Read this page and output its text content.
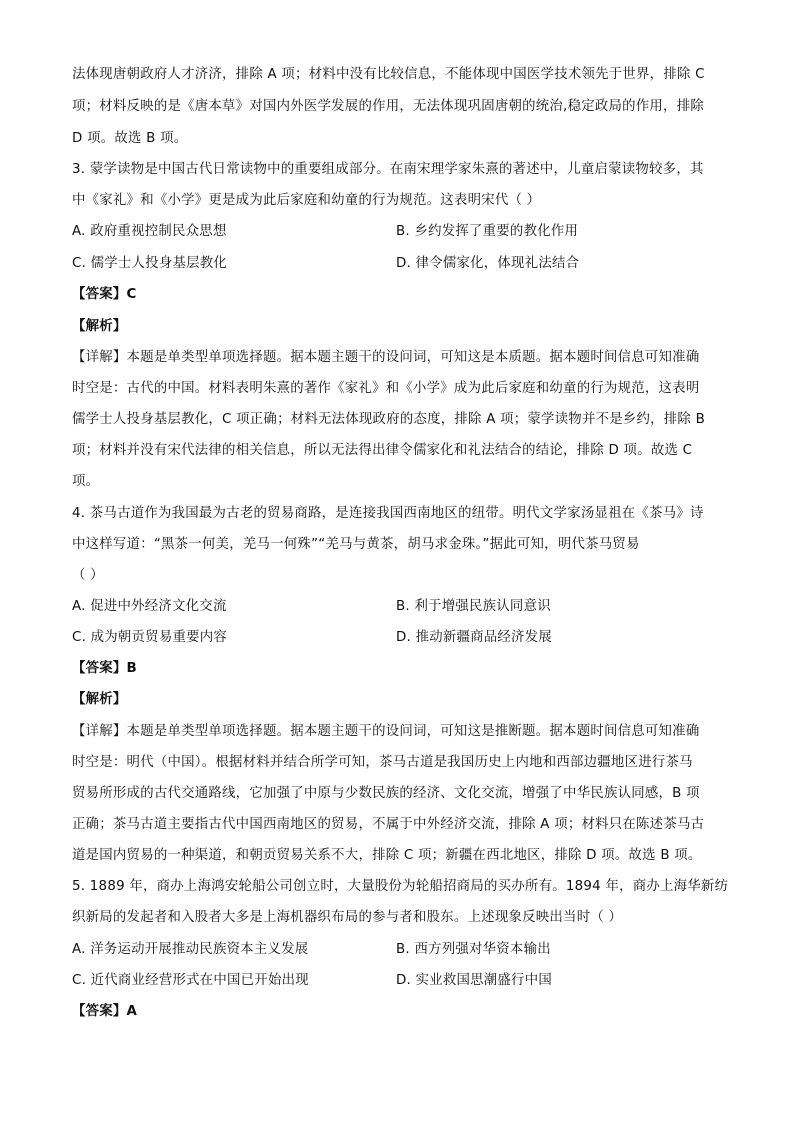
法体现唐朝政府人才济济，排除 A 项；材料中没有比较信息，不能体现中国医学技术领先于世界，排除 C
项；材料反映的是《唐本草》对国内外医学发展的作用，无法体现巩固唐朝的统治,稳定政局的作用，排除
D 项。故选 B 项。
3. 蒙学读物是中国古代日常读物中的重要组成部分。在南宋理学家朱熹的著述中，儿童启蒙读物较多，其
中《家礼》和《小学》更是成为此后家庭和幼童的行为规范。这表明宋代（ ）
A. 政府重视控制民众思想	B. 乡约发挥了重要的教化作用
C. 儒学士人投身基层教化	D. 律令儒家化，体现礼法结合
【答案】C
【解析】
【详解】本题是单类型单项选择题。据本题主题干的设问词，可知这是本质题。据本题时间信息可知准确
时空是：古代的中国。材料表明朱熹的著作《家礼》和《小学》成为此后家庭和幼童的行为规范，这表明
儒学士人投身基层教化，C 项正确；材料无法体现政府的态度，排除 A 项；蒙学读物并不是乡约，排除 B
项；材料并没有宋代法律的相关信息，所以无法得出律令儒家化和礼法结合的结论，排除 D 项。故选 C
项。
4. 茶马古道作为我国最为古老的贸易商路，是连接我国西南地区的纽带。明代文学家汤显祖在《茶马》诗
中这样写道：“黑茶一何美，羌马一何殊”“羌马与黄茶，胡马求金珠。”据此可知，明代茶马贸易
（ ）
A. 促进中外经济文化交流	B. 利于增强民族认同意识
C. 成为朝贡贸易重要内容	D. 推动新疆商品经济发展
【答案】B
【解析】
【详解】本题是单类型单项选择题。据本题主题干的设问词，可知这是推断题。据本题时间信息可知准确
时空是：明代（中国）。根据材料并结合所学可知，茶马古道是我国历史上内地和西部边疆地区进行茶马
贸易所形成的古代交通路线，它加强了中原与少数民族的经济、文化交流，增强了中华民族认同感，B 项
正确；茶马古道主要指古代中国西南地区的贸易，不属于中外经济交流，排除 A 项；材料只在陈述茶马古
道是国内贸易的一种渠道，和朝贡贸易关系不大，排除 C 项；新疆在西北地区，排除 D 项。故选 B 项。
5. 1889 年，商办上海鸿安轮船公司创立时，大量股份为轮船招商局的买办所有。1894 年，商办上海华新纺
织新局的发起者和入股者大多是上海机器织布局的参与者和股东。上述现象反映出当时（ ）
A. 洋务运动开展推动民族资本主义发展	B. 西方列强对华资本输出
C. 近代商业经营形式在中国已开始出现	D. 实业救国思潮盛行中国
【答案】A
